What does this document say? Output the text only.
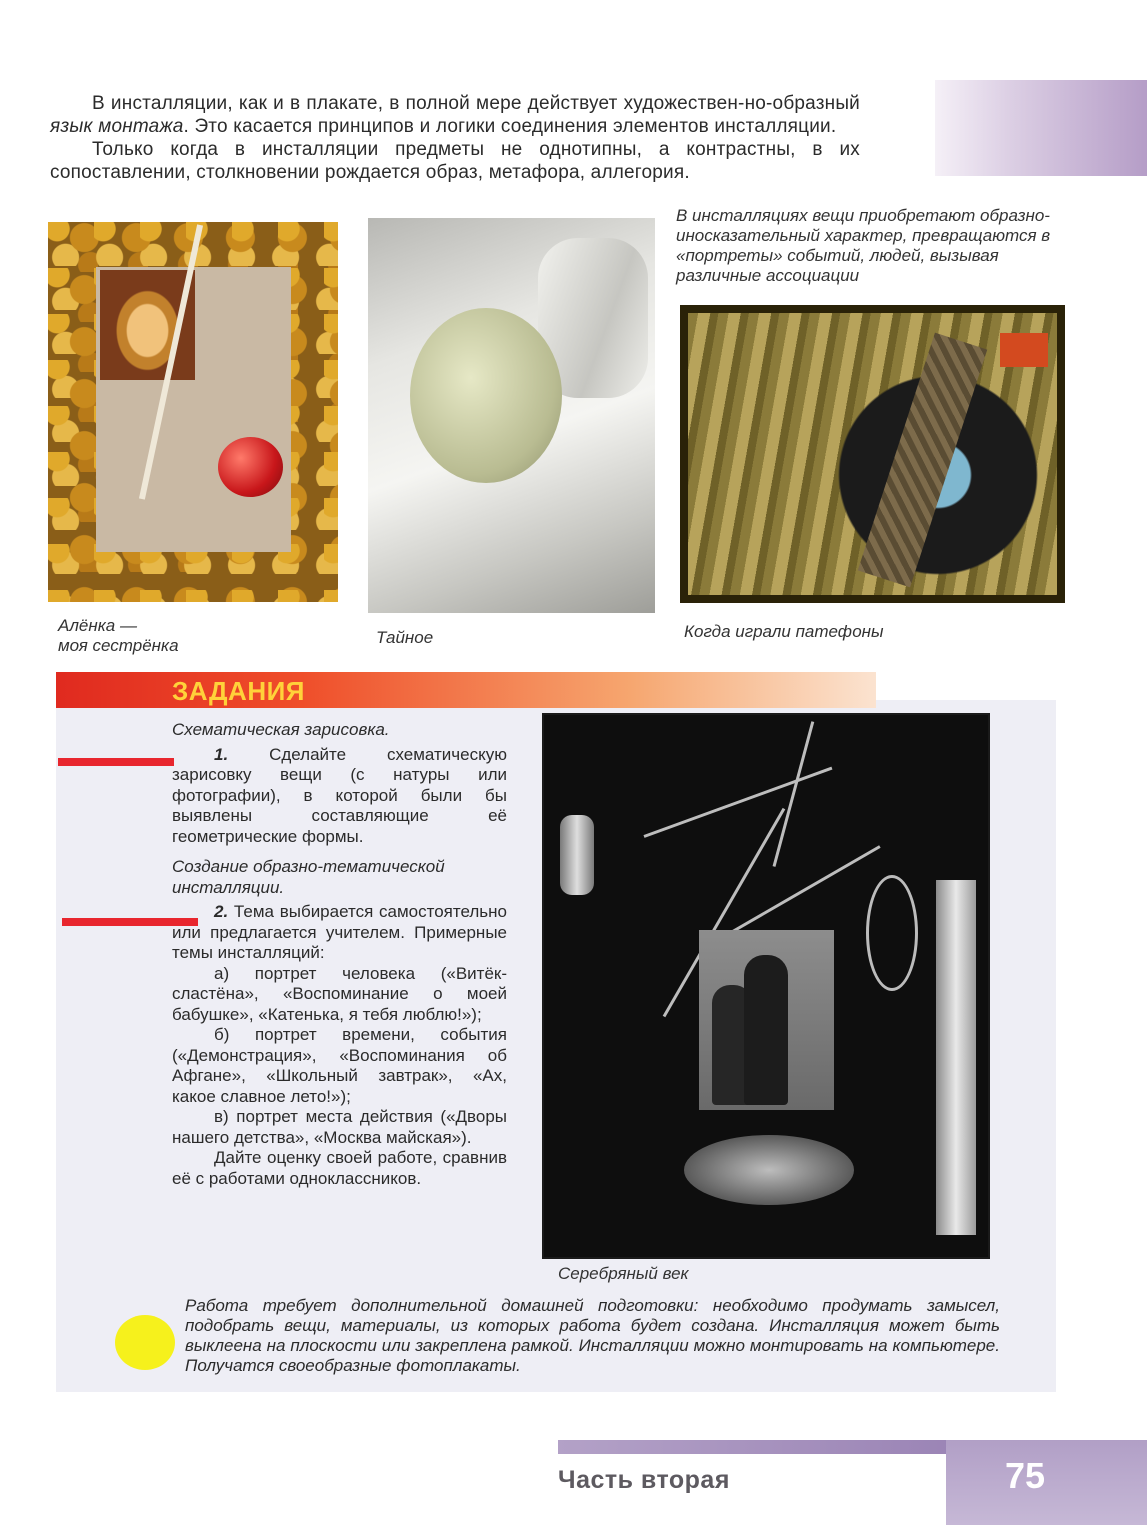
В инсталляции, как и в плакате, в полной мере действует художествен-но-образный язык монтажа. Это касается принципов и логики соединения элементов инсталляции.

Только когда в инсталляции предметы не однотипны, а контрастны, в их сопоставлении, столкновении рождается образ, метафора, аллегория.

В инсталляциях вещи приобретают образно-иносказательный характер, превращаются в «портреты» событий, людей, вызывая различные ассоциации
Алёнка —
моя сестрёнка	Тайное	Когда играли патефоны
ЗАДАНИЯ

Схематическая зарисовка.

1. Сделайте схематическую зарисовку вещи (с натуры или фотографии), в которой были бы выявлены составляющие её геометрические формы.

Создание образно-тематической инсталляции.

2. Тема выбирается самостоятельно или предлагается учителем. Примерные темы инсталляций:

а) портрет человека («Витёк-сластёна», «Воспоминание о моей бабушке», «Катенька, я тебя люблю!»);

б) портрет времени, события («Демонстрация», «Воспоминания об Афгане», «Школьный завтрак», «Ах, какое славное лето!»);

в) портрет места действия («Дворы нашего детства», «Москва майская»).

Дайте оценку своей работе, сравнив её с работами одноклассников.

Серебряный век
Работа требует дополнительной домашней подготовки: необходимо продумать замысел, подобрать вещи, материалы, из которых работа будет создана. Инсталляция может быть выклеена на плоскости или закреплена рамкой. Инсталляции можно монтировать на компьютере. Получатся своеобразные фотоплакаты.
Часть вторая	75
